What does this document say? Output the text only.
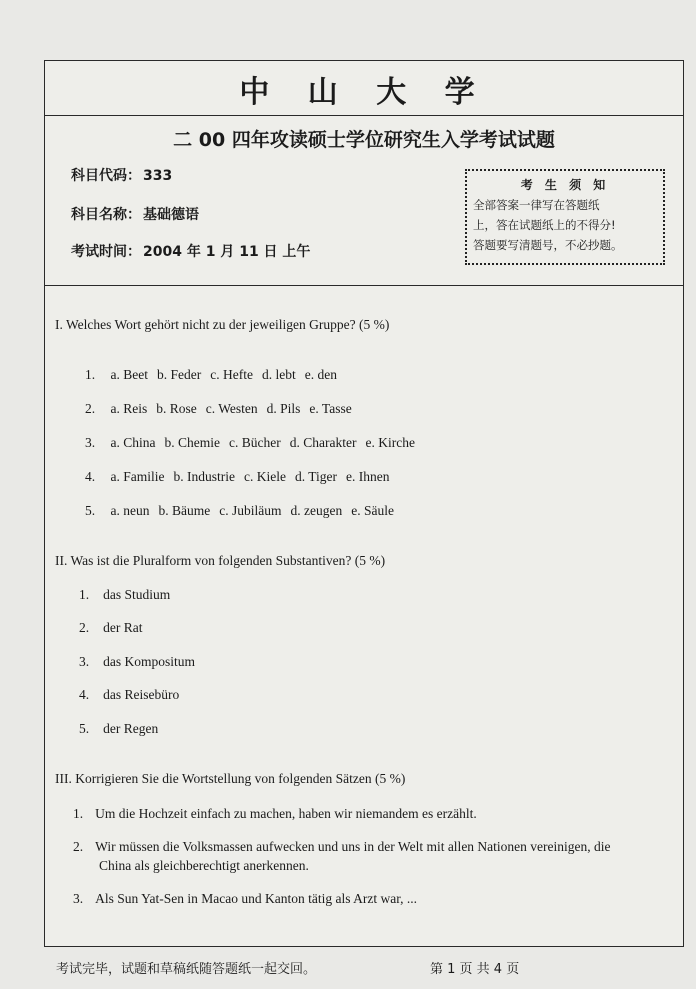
中 山 大 学
二 00 四年攻读硕士学位研究生入学考试试题
科目代码： 333
科目名称： 基础德语
考试时间： 2004 年 1 月 11 日 上午
考 生 须 知
全部答案一律写在答题纸
上，答在试题纸上的不得分!
答题要写清题号，不必抄题。
I. Welches Wort gehört nicht zu der jeweiligen Gruppe? (5 %)
1. a. Beet b. Feder c. Hefte d. lebt e. den
2. a. Reis b. Rose c. Westen d. Pils e. Tasse
3. a. China b. Chemie c. Bücher d. Charakter e. Kirche
4. a. Familie b. Industrie c. Kiele d. Tiger e. Ihnen
5. a. neun b. Bäume c. Jubiläum d. zeugen e. Säule
II. Was ist die Pluralform von folgenden Substantiven? (5 %)
1. das Studium
2. der Rat
3. das Kompositum
4. das Reisebüro
5. der Regen
III. Korrigieren Sie die Wortstellung von folgenden Sätzen (5 %)
1. Um die Hochzeit einfach zu machen, haben wir niemandem es erzählt.
2. Wir müssen die Volksmassen aufwecken und uns in der Welt mit allen Nationen vereinigen, die
China als gleichberechtigt anerkennen.
3. Als Sun Yat-Sen in Macao und Kanton tätig als Arzt war, ...
考试完毕，试题和草稿纸随答题纸一起交回。	第 1 页 共 4 页
